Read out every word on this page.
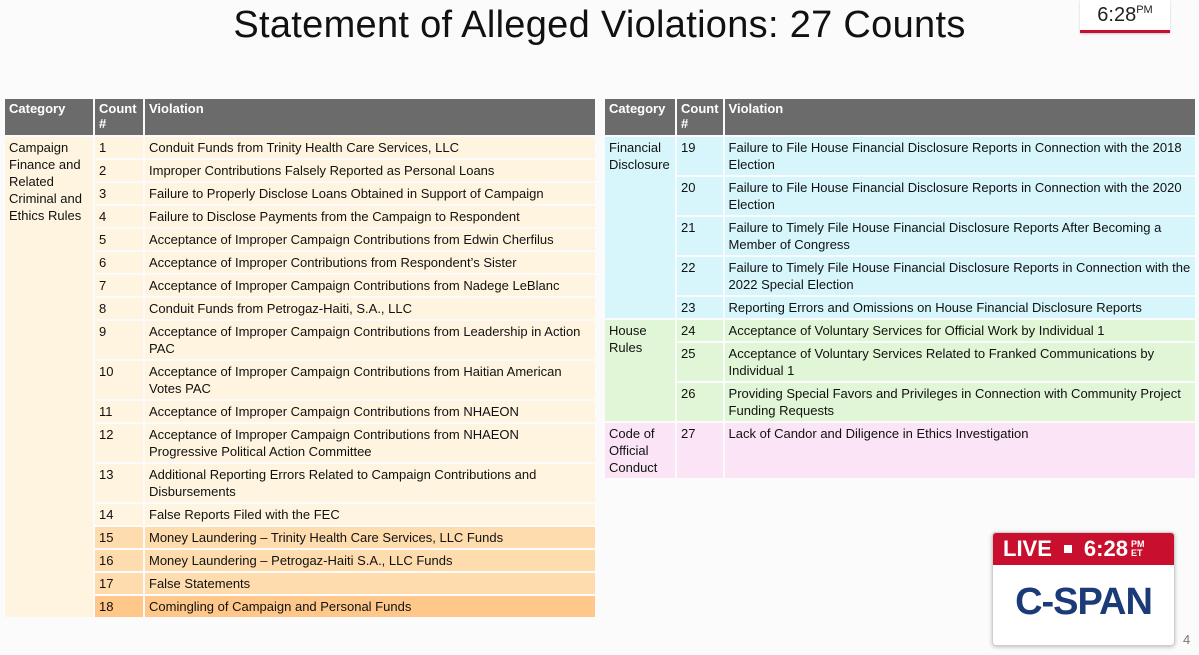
Statement of Alleged Violations: 27 Counts	$6:28^{PM}$
Category	Count #	Violation
Campaign Finance and Related Criminal and Ethics Rules	1	Conduit Funds from Trinity Health Care Services, LLC
	2	Improper Contributions Falsely Reported as Personal Loans
	3	Failure to Properly Disclose Loans Obtained in Support of Campaign
	4	Failure to Disclose Payments from the Campaign to Respondent
	5	Acceptance of Improper Campaign Contributions from Edwin Cherfilus
	6	Acceptance of Improper Contributions from Respondent’s Sister
	7	Acceptance of Improper Campaign Contributions from Nadege LeBlanc
	8	Conduit Funds from Petrogaz-Haiti, S.A., LLC
	9	Acceptance of Improper Campaign Contributions from Leadership in Action PAC
	10	Acceptance of Improper Campaign Contributions from Haitian American Votes PAC
	11	Acceptance of Improper Campaign Contributions from NHAEON
	12	Acceptance of Improper Campaign Contributions from NHAEON Progressive Political Action Committee
	13	Additional Reporting Errors Related to Campaign Contributions and Disbursements
	14	False Reports Filed with the FEC
	15	Money Laundering – Trinity Health Care Services, LLC Funds
	16	Money Laundering – Petrogaz-Haiti S.A., LLC Funds
	17	False Statements
	18	Comingling of Campaign and Personal Funds
Category	Count #	Violation
Financial Disclosure	19	Failure to File House Financial Disclosure Reports in Connection with the 2018 Election
	20	Failure to File House Financial Disclosure Reports in Connection with the 2020 Election
	21	Failure to Timely File House Financial Disclosure Reports After Becoming a Member of Congress
	22	Failure to Timely File House Financial Disclosure Reports in Connection with the 2022 Special Election
	23	Reporting Errors and Omissions on House Financial Disclosure Reports
House Rules	24	Acceptance of Voluntary Services for Official Work by Individual 1
	25	Acceptance of Voluntary Services Related to Franked Communications by Individual 1
	26	Providing Special Favors and Privileges in Connection with Community Project Funding Requests
Code of Official Conduct	27	Lack of Candor and Diligence in Ethics Investigation
LIVE 6:28 PM
ET
C-SPAN
4
